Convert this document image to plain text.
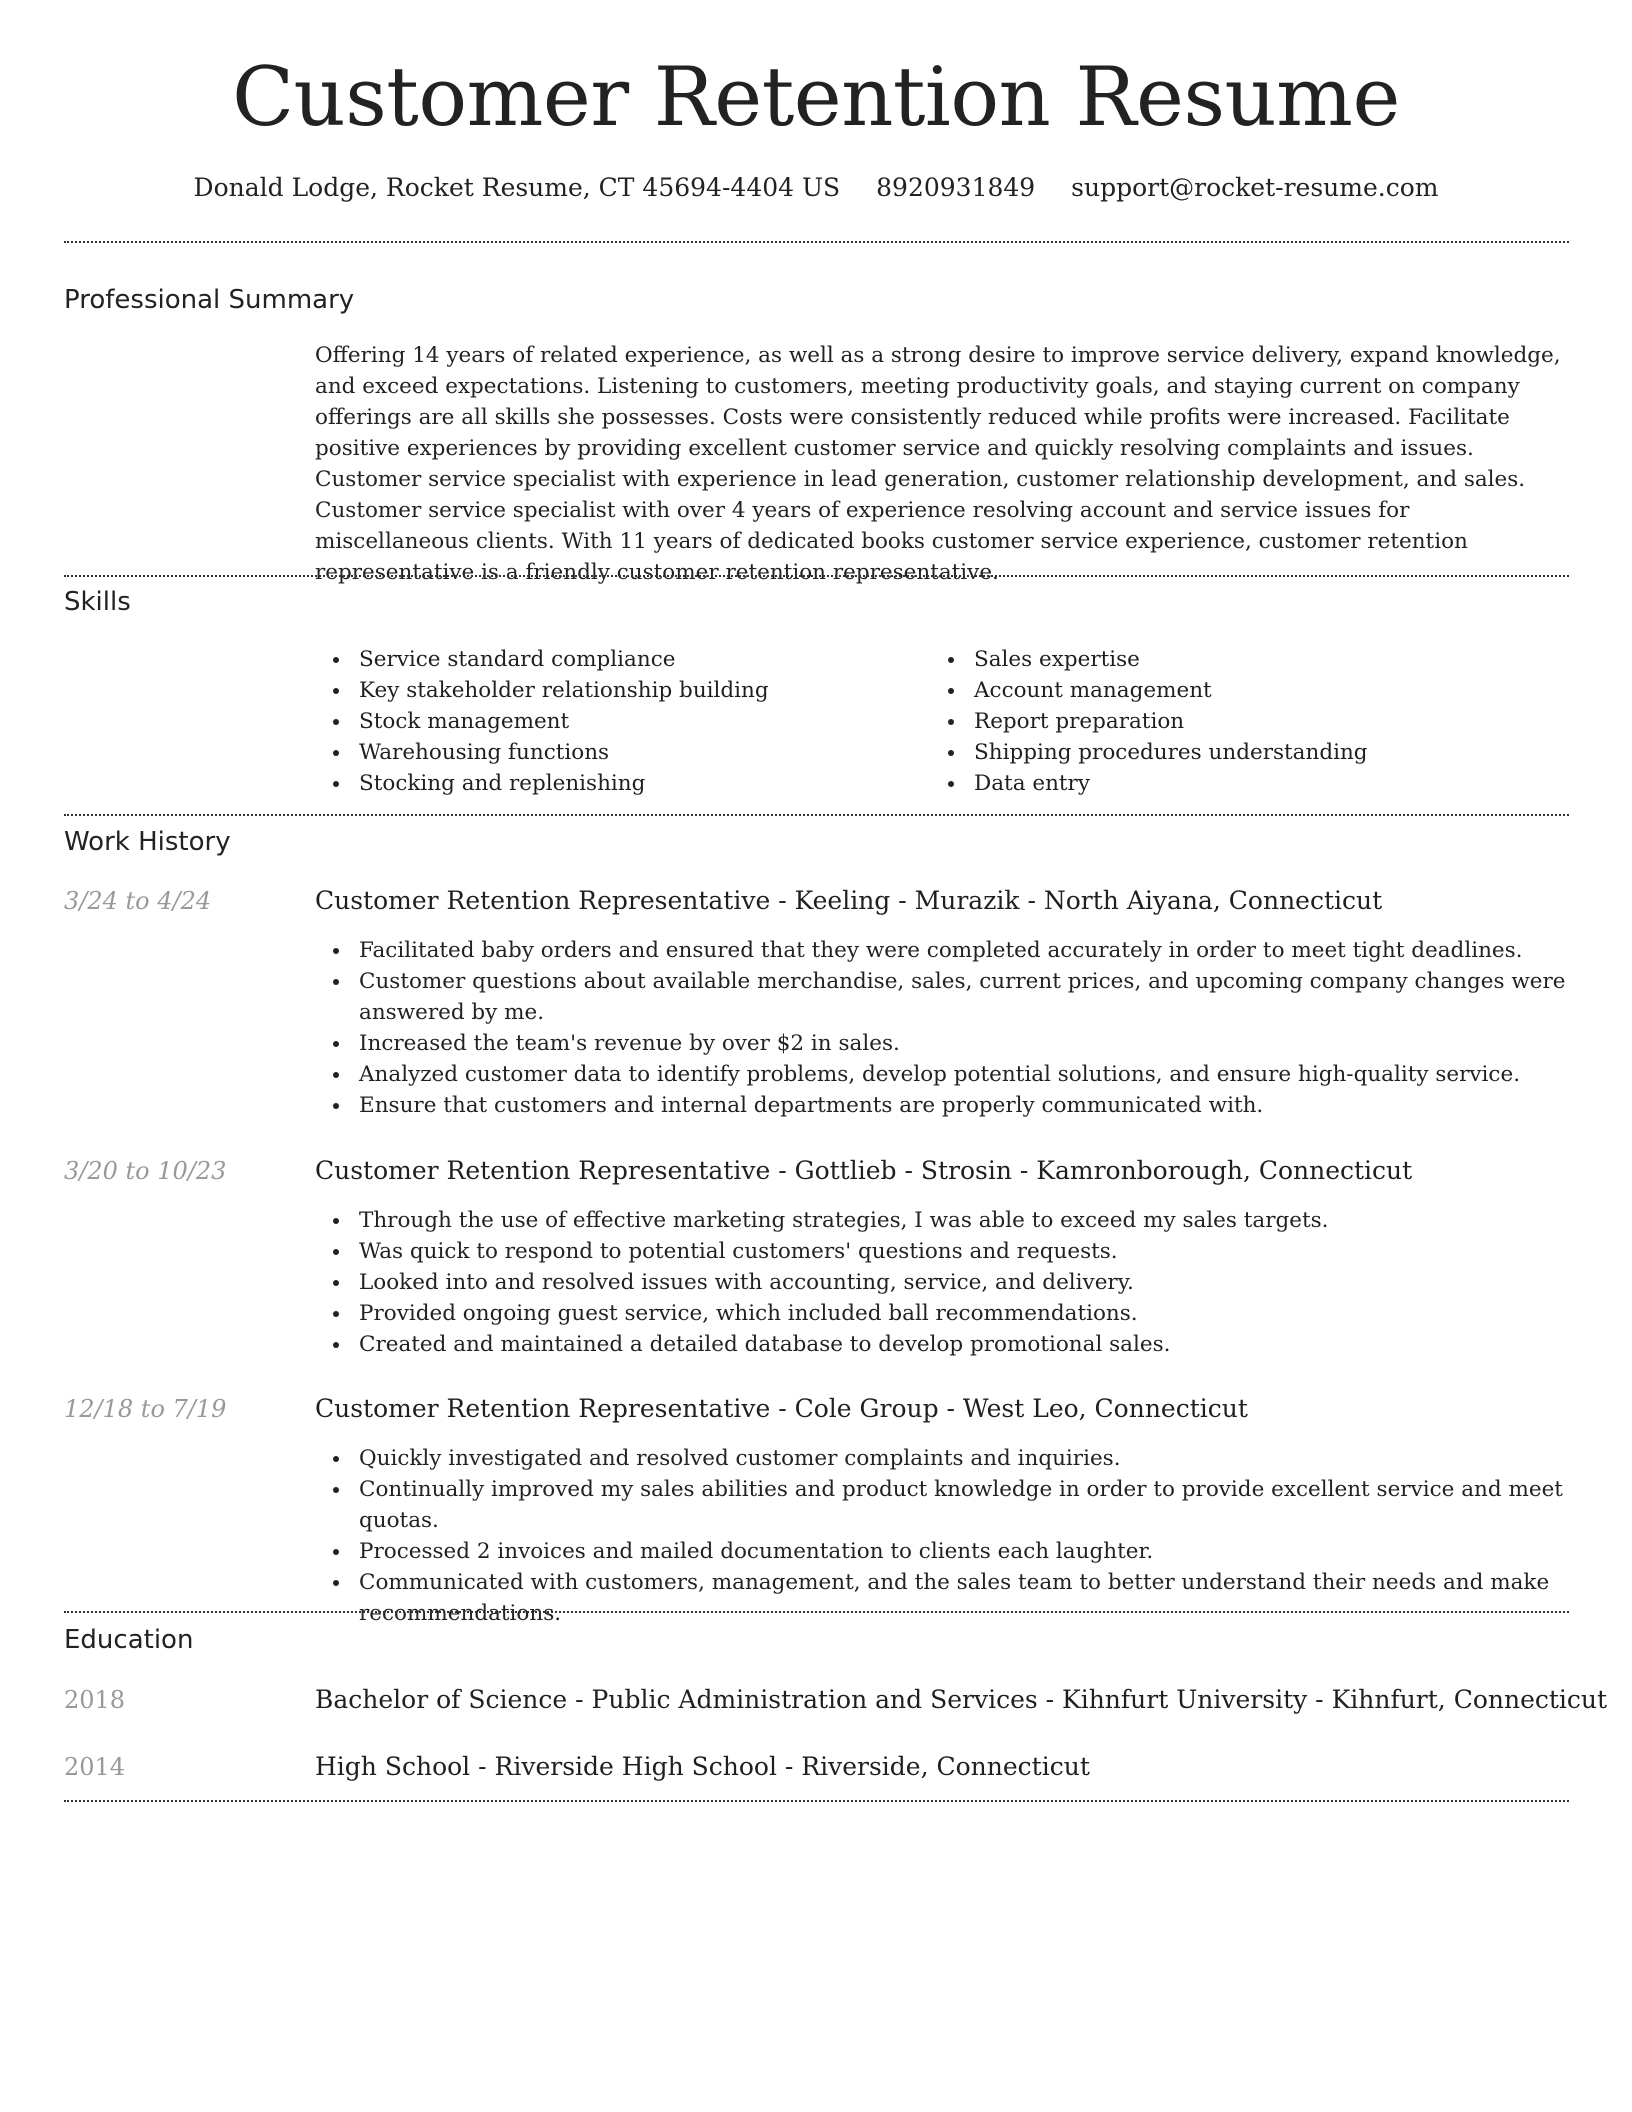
Customer Retention Resume
Donald Lodge, Rocket Resume, CT 45694-4404 US 8920931849 support@rocket-resume.com
Professional Summary

Offering 14 years of related experience, as well as a strong desire to improve service delivery, expand knowledge, and exceed expectations. Listening to customers, meeting productivity goals, and staying current on company offerings are all skills she possesses. Costs were consistently reduced while profits were increased. Facilitate positive experiences by providing excellent customer service and quickly resolving complaints and issues. Customer service specialist with experience in lead generation, customer relationship development, and sales. Customer service specialist with over 4 years of experience resolving account and service issues for miscellaneous clients. With 11 years of dedicated books customer service experience, customer retention representative is a friendly customer retention representative.

Skills
Service standard compliance
Key stakeholder relationship building
Stock management
Warehousing functions
Stocking and replenishing
Sales expertise
Account management
Report preparation
Shipping procedures understanding
Data entry
Work History
3/24 to 4/24	Customer Retention Representative - Keeling - Murazik - North Aiyana, Connecticut
Facilitated baby orders and ensured that they were completed accurately in order to meet tight deadlines.
Customer questions about available merchandise, sales, current prices, and upcoming company changes were answered by me.
Increased the team's revenue by over $2 in sales.
Analyzed customer data to identify problems, develop potential solutions, and ensure high-quality service.
Ensure that customers and internal departments are properly communicated with.
3/20 to 10/23	Customer Retention Representative - Gottlieb - Strosin - Kamronborough, Connecticut
Through the use of effective marketing strategies, I was able to exceed my sales targets.
Was quick to respond to potential customers' questions and requests.
Looked into and resolved issues with accounting, service, and delivery.
Provided ongoing guest service, which included ball recommendations.
Created and maintained a detailed database to develop promotional sales.
12/18 to 7/19	Customer Retention Representative - Cole Group - West Leo, Connecticut
Quickly investigated and resolved customer complaints and inquiries.
Continually improved my sales abilities and product knowledge in order to provide excellent service and meet quotas.
Processed 2 invoices and mailed documentation to clients each laughter.
Communicated with customers, management, and the sales team to better understand their needs and make recommendations.
Education
2018	Bachelor of Science - Public Administration and Services - Kihnfurt University - Kihnfurt, Connecticut
2014	High School - Riverside High School - Riverside, Connecticut
